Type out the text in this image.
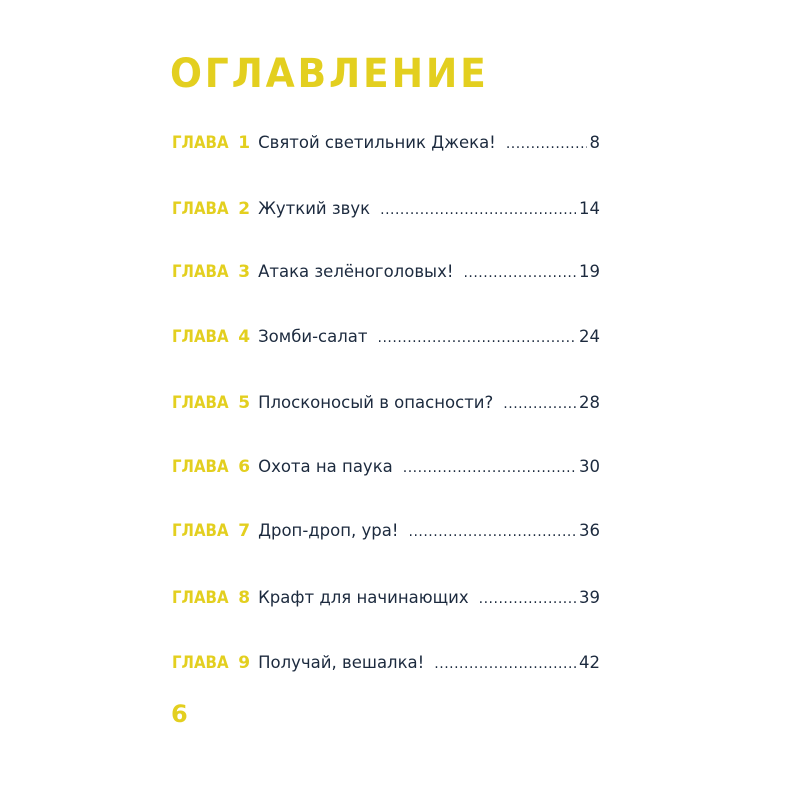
ОГЛАВЛЕНИЕ
ГЛАВА 1 Святой светильник Джека! .....	8
ГЛАВА 2 Жуткий звук .....	14
ГЛАВА 3 Атака зелёноголовых! .....	19
ГЛАВА 4 Зомби-салат .....	24
ГЛАВА 5 Плосконосый в опасности? .....	28
ГЛАВА 6 Охота на паука .....	30
ГЛАВА 7 Дроп-дроп, ура! .....	36
ГЛАВА 8 Крафт для начинающих .....	39
ГЛАВА 9 Получай, вешалка! .....	42
6
